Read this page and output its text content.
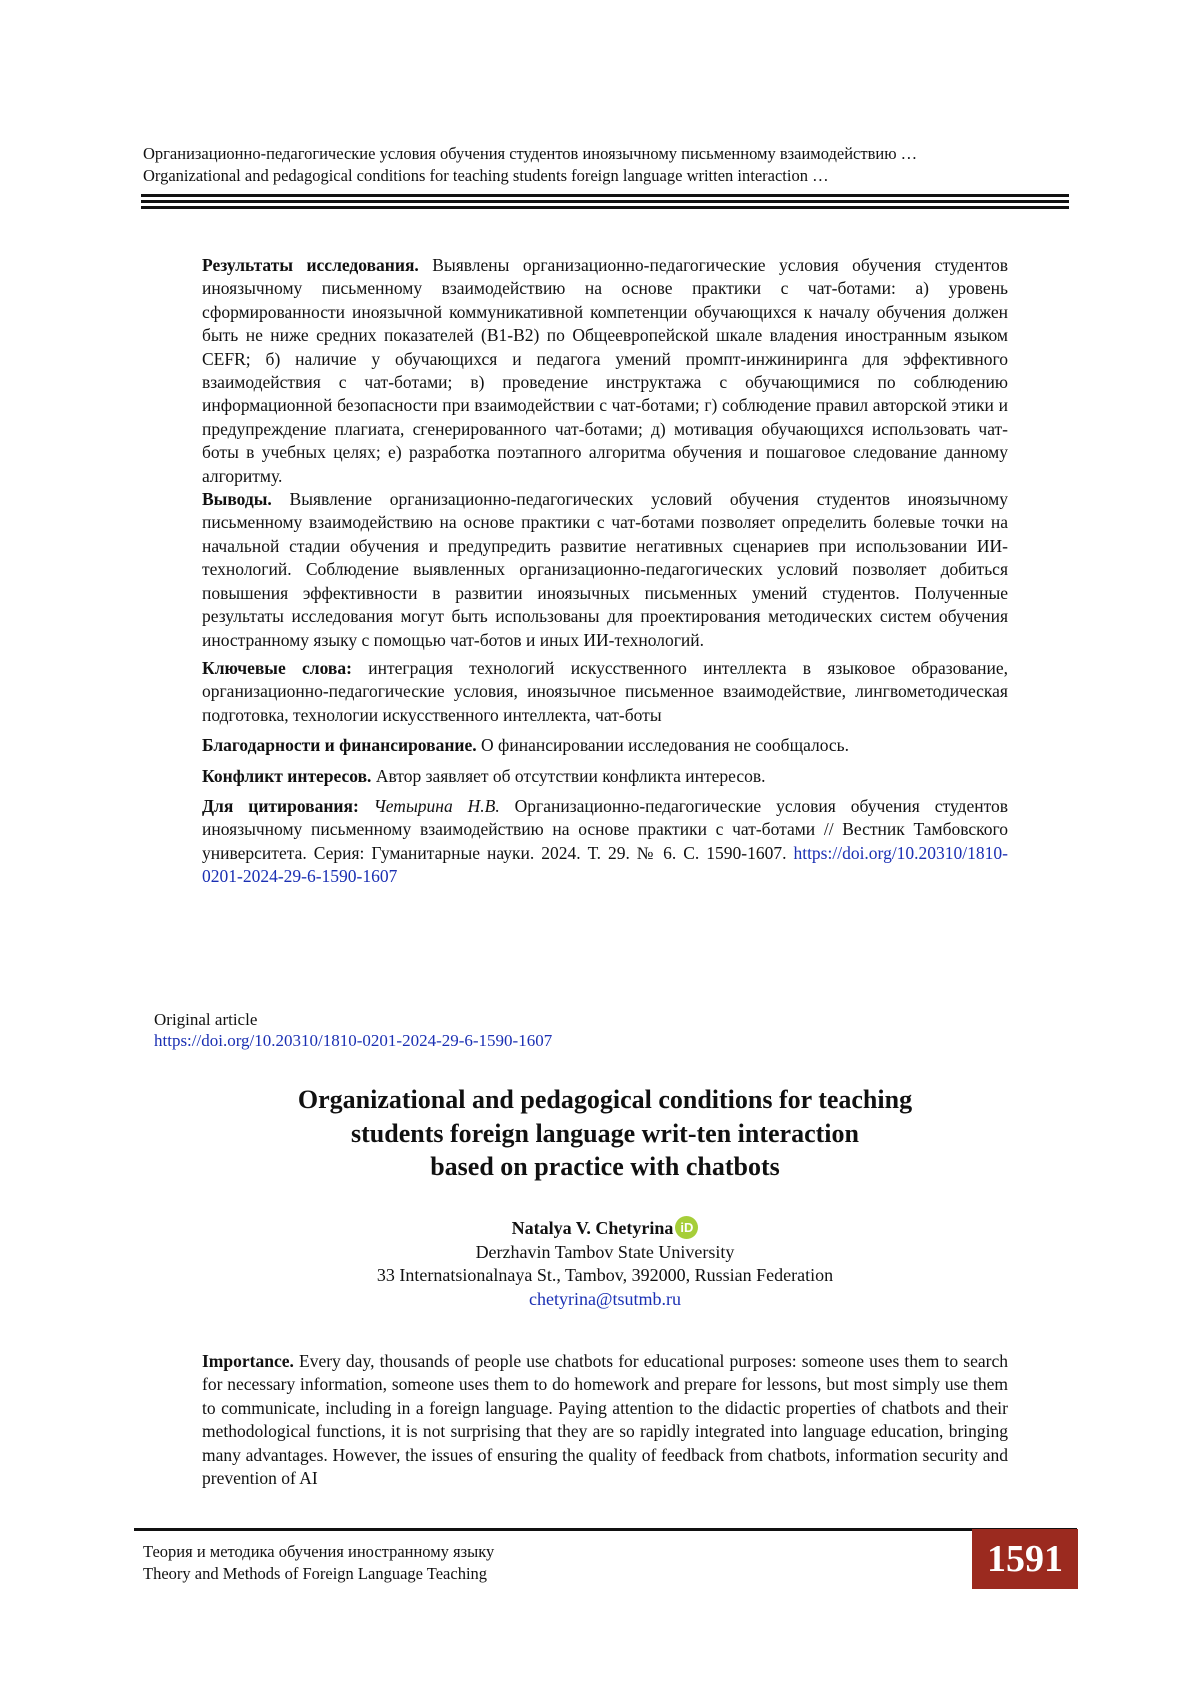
Организационно-педагогические условия обучения студентов иноязычному письменному взаимодействию …
Organizational and pedagogical conditions for teaching students foreign language written interaction …

Результаты исследования. Выявлены организационно-педагогические условия обучения студентов иноязычному письменному взаимодействию на основе практики с чат-ботами: а) уровень сформированности иноязычной коммуникативной компетенции обучающихся к началу обучения должен быть не ниже средних показателей (В1-В2) по Общеевропейской шкале владения иностранным языком CEFR; б) наличие у обучающихся и педагога умений промпт-инжиниринга для эффективного взаимодействия с чат-ботами; в) проведение инструктажа с обучающимися по соблюдению информационной безопасности при взаимодействии с чат-ботами; г) соблюдение правил авторской этики и предупреждение плагиата, сгенерированного чат-ботами; д) мотивация обучающихся использовать чат-боты в учебных целях; е) разработка поэтапного алгоритма обучения и пошаговое следование данному алгоритму.

Выводы. Выявление организационно-педагогических условий обучения студентов иноязычному письменному взаимодействию на основе практики с чат-ботами позволяет определить болевые точки на начальной стадии обучения и предупредить развитие негативных сценариев при использовании ИИ-технологий. Соблюдение выявленных организационно-педагогических условий позволяет добиться повышения эффективности в развитии иноязычных письменных умений студентов. Полученные результаты исследования могут быть использованы для проектирования методических систем обучения иностранному языку с помощью чат-ботов и иных ИИ-технологий.

Ключевые слова: интеграция технологий искусственного интеллекта в языковое образование, организационно-педагогические условия, иноязычное письменное взаимодействие, лингвометодическая подготовка, технологии искусственного интеллекта, чат-боты

Благодарности и финансирование. О финансировании исследования не сообщалось.

Конфликт интересов. Автор заявляет об отсутствии конфликта интересов.

Для цитирования: Четырина Н.В. Организационно-педагогические условия обучения студентов иноязычному письменному взаимодействию на основе практики с чат-ботами // Вестник Тамбовского университета. Серия: Гуманитарные науки. 2024. Т. 29. № 6. С. 1590-1607. https://doi.org/10.20310/1810-0201-2024-29-6-1590-1607

Original article
https://doi.org/10.20310/1810-0201-2024-29-6-1590-1607
Organizational and pedagogical conditions for teaching
students foreign language writ-ten interaction
based on practice with chatbots
Natalya V. Chetyrina iD
Derzhavin Tambov State University
33 Internatsionalnaya St., Tambov, 392000, Russian Federation
chetyrina@tsutmb.ru
Importance. Every day, thousands of people use chatbots for educational purposes: someone uses them to search for necessary information, someone uses them to do homework and prepare for lessons, but most simply use them to communicate, including in a foreign language. Paying attention to the didactic properties of chatbots and their methodological functions, it is not surprising that they are so rapidly integrated into language education, bringing many advantages. However, the issues of ensuring the quality of feedback from chatbots, information security and prevention of AI
Теория и методика обучения иностранному языку
Theory and Methods of Foreign Language Teaching	1591
